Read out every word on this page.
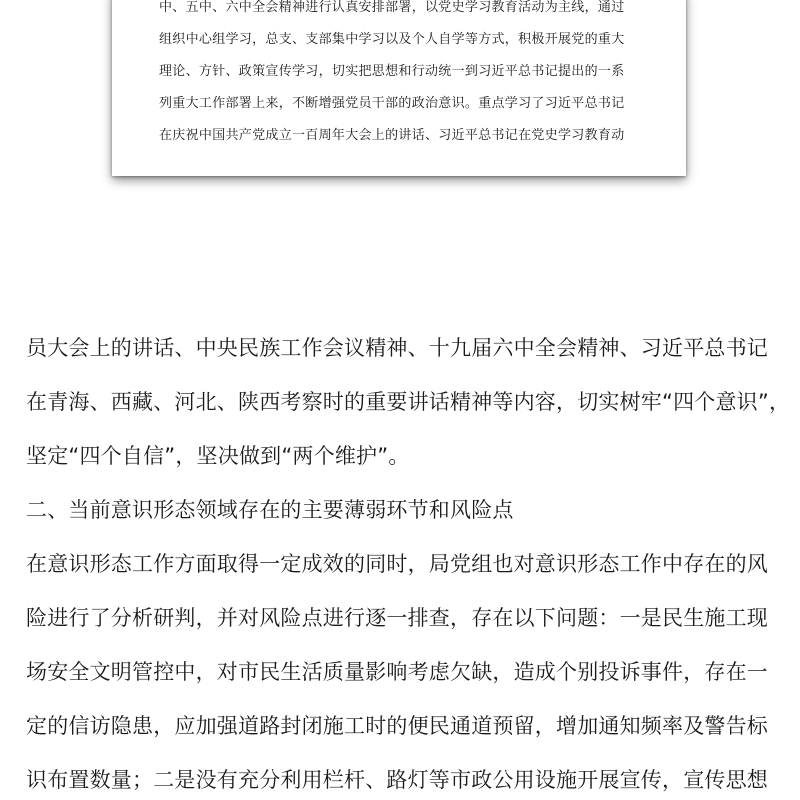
中、五中、六中全会精神进行认真安排部署，以党史学习教育活动为主线，通过
组织中心组学习，总支、支部集中学习以及个人自学等方式，积极开展党的重大
理论、方针、政策宣传学习，切实把思想和行动统一到习近平总书记提出的一系
列重大工作部署上来，不断增强党员干部的政治意识。重点学习了习近平总书记
在庆祝中国共产党成立一百周年大会上的讲话、习近平总书记在党史学习教育动
员大会上的讲话、中央民族工作会议精神、十九届六中全会精神、习近平总书记
在青海、西藏、河北、陕西考察时的重要讲话精神等内容，切实树牢“四个意识”，
坚定“四个自信”，坚决做到“两个维护”。
二、当前意识形态领域存在的主要薄弱环节和风险点
在意识形态工作方面取得一定成效的同时，局党组也对意识形态工作中存在的风
险进行了分析研判，并对风险点进行逐一排查，存在以下问题：一是民生施工现
场安全文明管控中，对市民生活质量影响考虑欠缺，造成个别投诉事件，存在一
定的信访隐患，应加强道路封闭施工时的便民通道预留，增加通知频率及警告标
识布置数量；二是没有充分利用栏杆、路灯等市政公用设施开展宣传，宣传思想
